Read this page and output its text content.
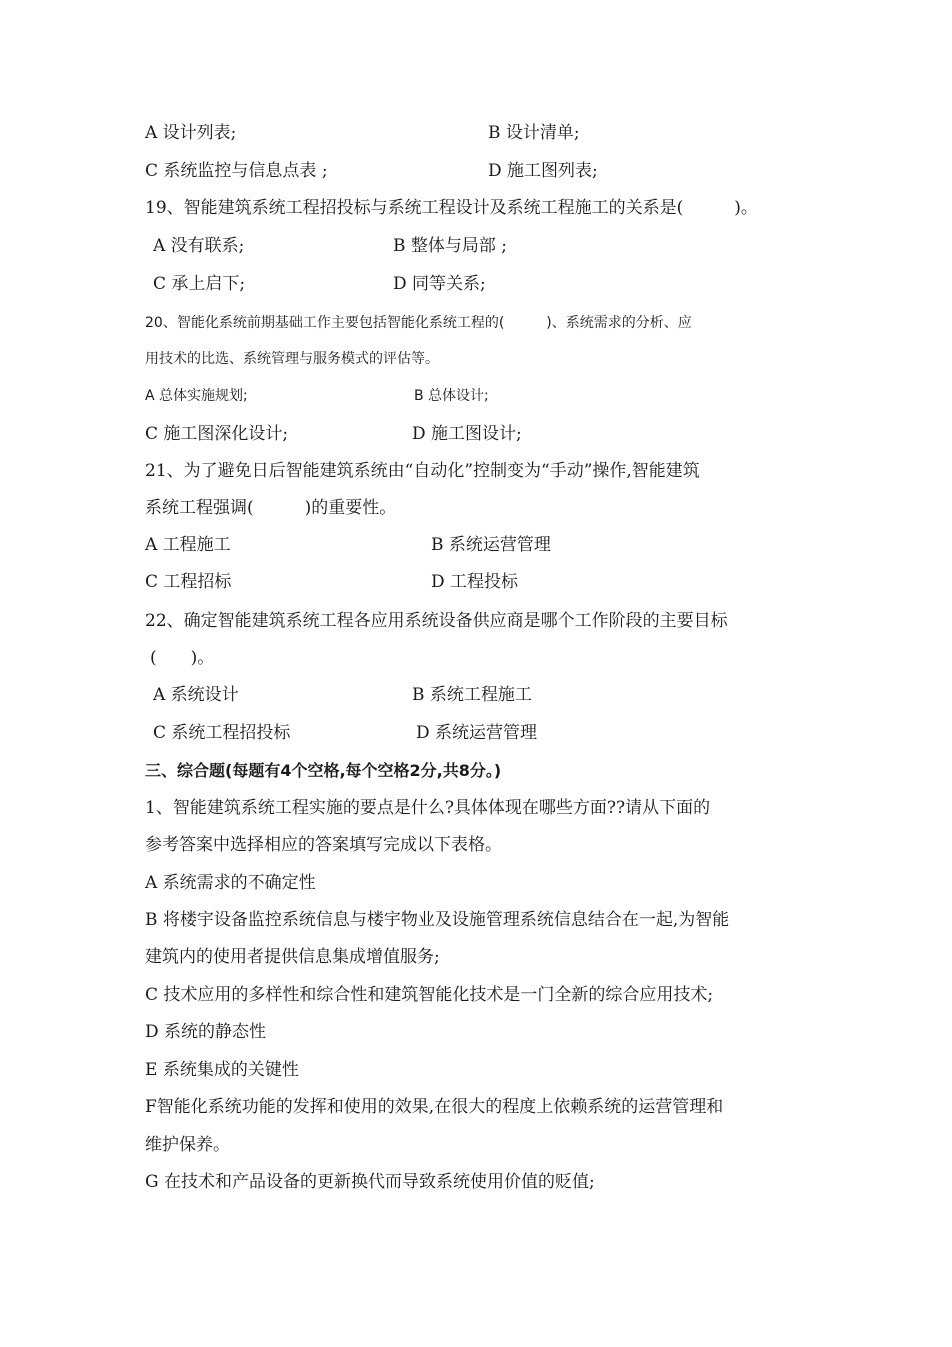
A 设计列表;	B 设计清单;
C 系统监控与信息点表 ;	D 施工图列表;
19、智能建筑系统工程招投标与系统工程设计及系统工程施工的关系是(　　　)。
A 没有联系;	B 整体与局部 ;
C 承上启下;	D 同等关系;
20、智能化系统前期基础工作主要包括智能化系统工程的(　　　)、系统需求的分析、应
用技术的比选、系统管理与服务模式的评估等。
A 总体实施规划;	B 总体设计;
C 施工图深化设计;	D 施工图设计;
21、为了避免日后智能建筑系统由“自动化”控制变为“手动”操作,智能建筑
系统工程强调(　　　)的重要性。
A 工程施工	B 系统运营管理
C 工程招标	D 工程投标
22、确定智能建筑系统工程各应用系统设备供应商是哪个工作阶段的主要目标
(　　)。
A 系统设计	B 系统工程施工
C 系统工程招投标	D 系统运营管理
三、综合题(每题有4个空格,每个空格2分,共8分。)
1、智能建筑系统工程实施的要点是什么?具体体现在哪些方面??请从下面的
参考答案中选择相应的答案填写完成以下表格。
A 系统需求的不确定性
B 将楼宇设备监控系统信息与楼宇物业及设施管理系统信息结合在一起,为智能
建筑内的使用者提供信息集成增值服务;
C 技术应用的多样性和综合性和建筑智能化技术是一门全新的综合应用技术;
D 系统的静态性
E 系统集成的关键性
F智能化系统功能的发挥和使用的效果,在很大的程度上依赖系统的运营管理和
维护保养。
G 在技术和产品设备的更新换代而导致系统使用价值的贬值;
